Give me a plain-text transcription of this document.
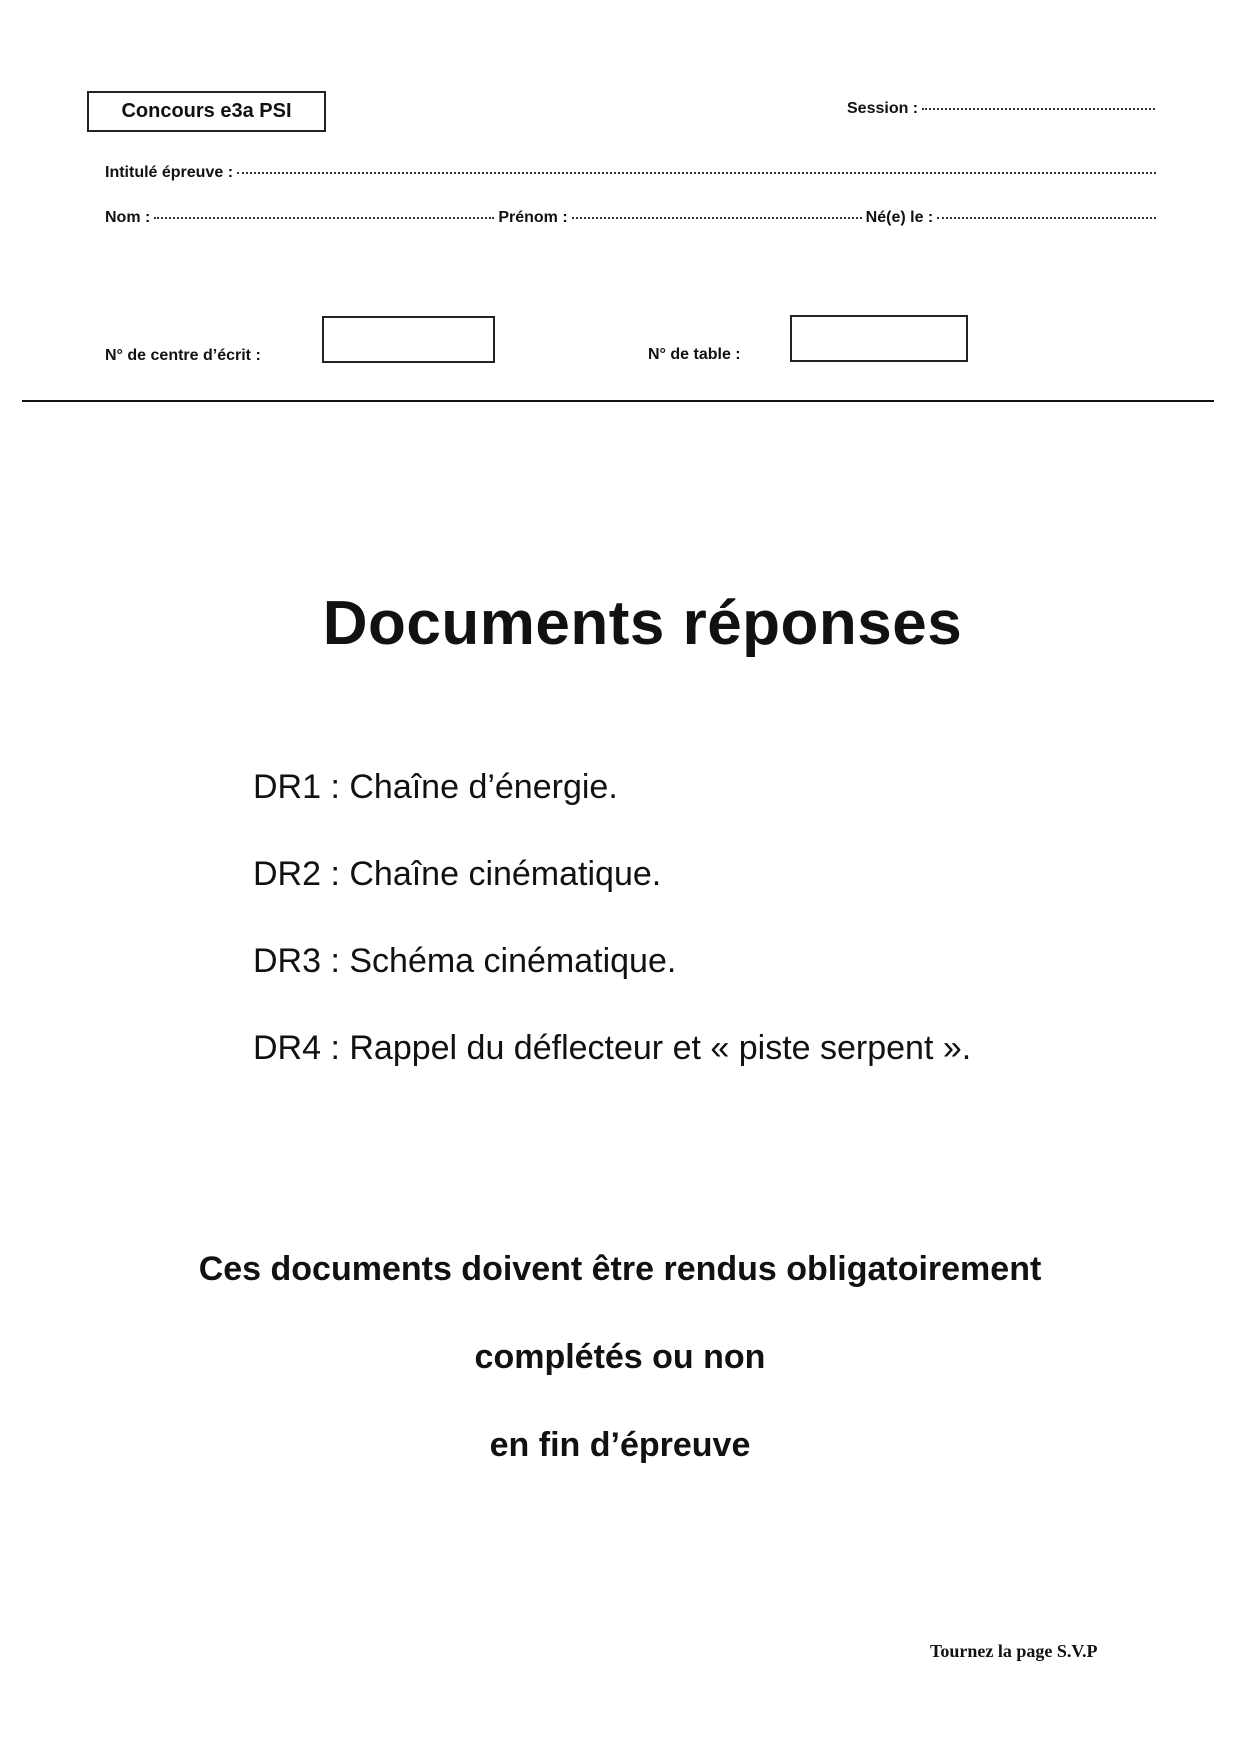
Concours e3a PSI	Session :
Intitulé épreuve :
Nom :	Prénom :	Né(e) le :
N° de centre d’écrit :	N° de table :
Documents réponses
DR1 : Chaîne d’énergie.
DR2 : Chaîne cinématique.
DR3 : Schéma cinématique.
DR4 : Rappel du déflecteur et « piste serpent ».
Ces documents doivent être rendus obligatoirement
complétés ou non
en fin d’épreuve
Tournez la page S.V.P
